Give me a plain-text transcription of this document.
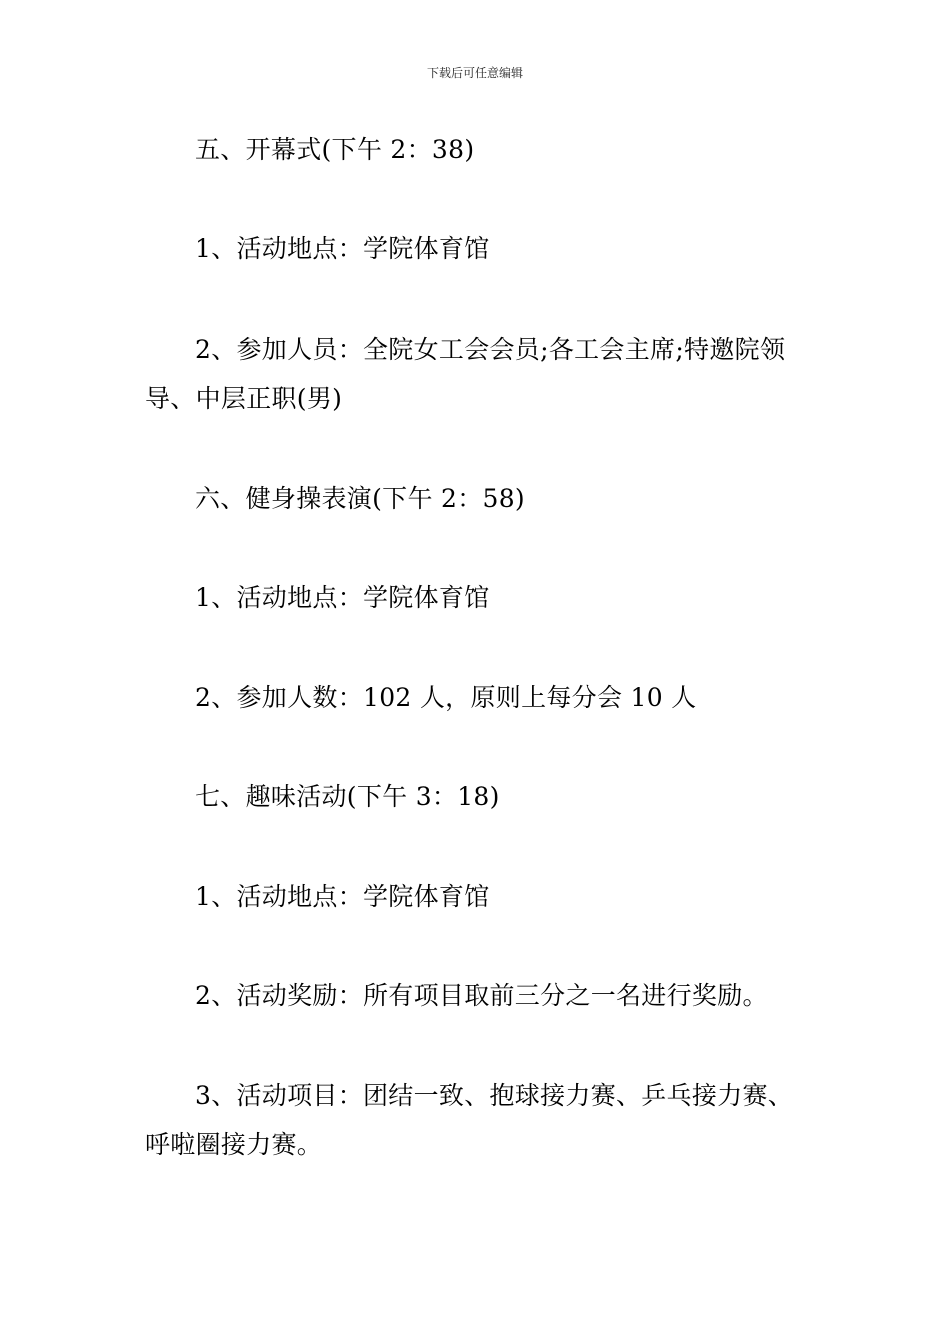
下载后可任意编辑

五、开幕式(下午 2：38)

1、活动地点：学院体育馆

2、参加人员：全院女工会会员;各工会主席;特邀院领导、中层正职(男)

六、健身操表演(下午 2：58)

1、活动地点：学院体育馆

2、参加人数：102 人，原则上每分会 10 人

七、趣味活动(下午 3：18)

1、活动地点：学院体育馆

2、活动奖励：所有项目取前三分之一名进行奖励。

3、活动项目：团结一致、抱球接力赛、乒乓接力赛、呼啦圈接力赛。
